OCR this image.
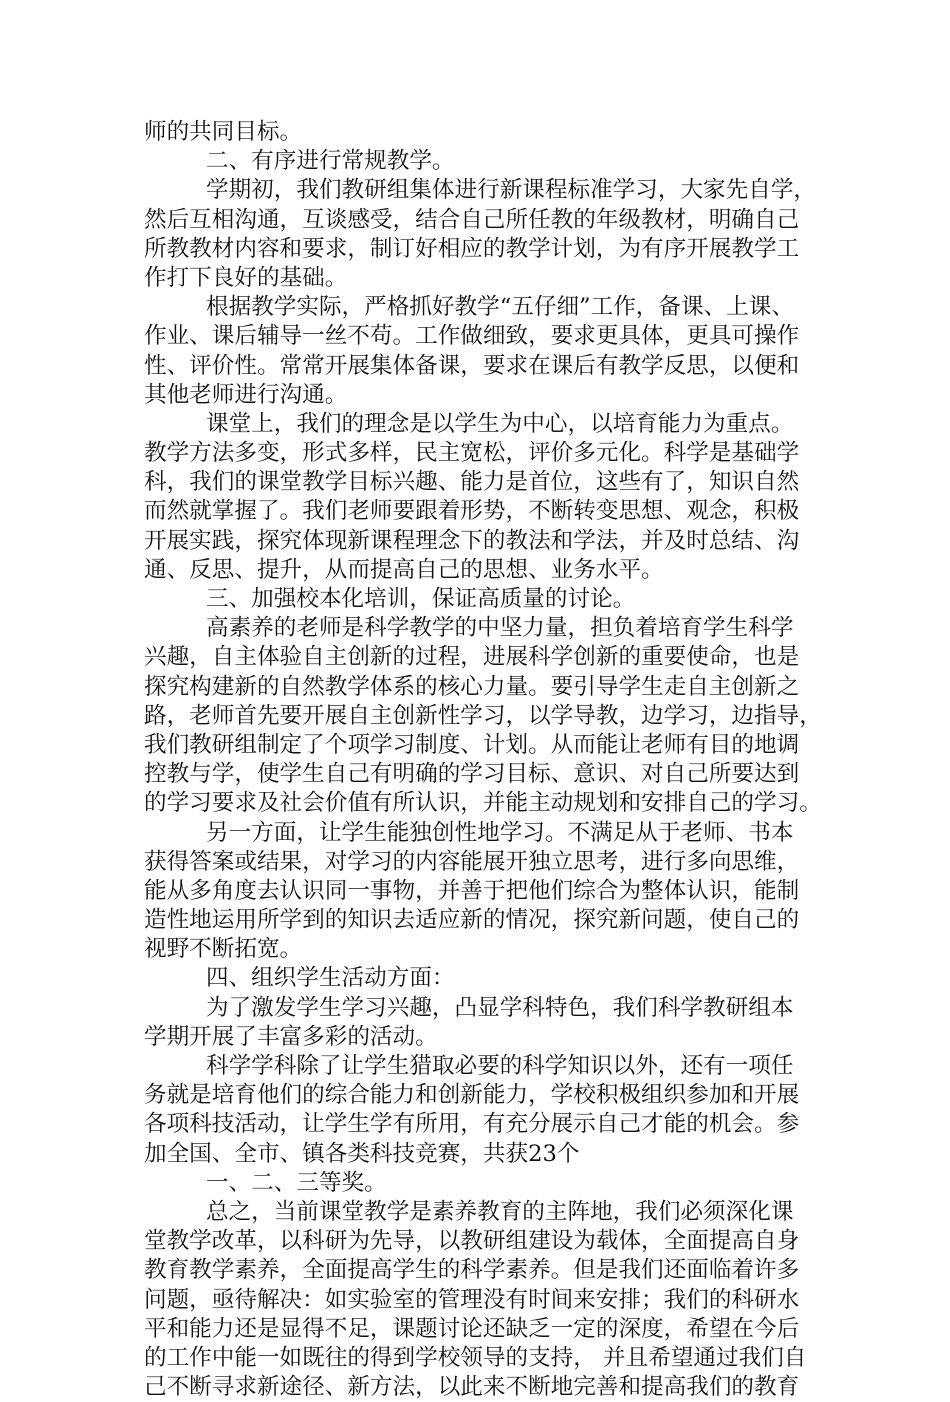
师的共同目标。
二、有序进行常规教学。
学期初，我们教研组集体进行新课程标准学习，大家先自学，
然后互相沟通，互谈感受，结合自己所任教的年级教材，明确自己
所教教材内容和要求，制订好相应的教学计划，为有序开展教学工
作打下良好的基础。
根据教学实际，严格抓好教学“五仔细”工作，备课、上课、
作业、课后辅导一丝不苟。工作做细致，要求更具体，更具可操作
性、评价性。常常开展集体备课，要求在课后有教学反思，以便和
其他老师进行沟通。
课堂上，我们的理念是以学生为中心，以培育能力为重点。
教学方法多变，形式多样，民主宽松，评价多元化。科学是基础学
科，我们的课堂教学目标兴趣、能力是首位，这些有了，知识自然
而然就掌握了。我们老师要跟着形势，不断转变思想、观念，积极
开展实践，探究体现新课程理念下的教法和学法，并及时总结、沟
通、反思、提升，从而提高自己的思想、业务水平。
三、加强校本化培训，保证高质量的讨论。
高素养的老师是科学教学的中坚力量，担负着培育学生科学
兴趣，自主体验自主创新的过程，进展科学创新的重要使命，也是
探究构建新的自然教学体系的核心力量。要引导学生走自主创新之
路，老师首先要开展自主创新性学习，以学导教，边学习，边指导，
我们教研组制定了个项学习制度、计划。从而能让老师有目的地调
控教与学，使学生自己有明确的学习目标、意识、对自己所要达到
的学习要求及社会价值有所认识，并能主动规划和安排自己的学习。
另一方面，让学生能独创性地学习。不满足从于老师、书本
获得答案或结果，对学习的内容能展开独立思考，进行多向思维，
能从多角度去认识同一事物，并善于把他们综合为整体认识，能制
造性地运用所学到的知识去适应新的情况，探究新问题，使自己的
视野不断拓宽。
四、组织学生活动方面：
为了激发学生学习兴趣，凸显学科特色，我们科学教研组本
学期开展了丰富多彩的活动。
科学学科除了让学生猎取必要的科学知识以外，还有一项任
务就是培育他们的综合能力和创新能力，学校积极组织参加和开展
各项科技活动，让学生学有所用，有充分展示自己才能的机会。参
加全国、全市、镇各类科技竞赛，共获23个
一、二、三等奖。
总之，当前课堂教学是素养教育的主阵地，我们必须深化课
堂教学改革，以科研为先导，以教研组建设为载体，全面提高自身
教育教学素养，全面提高学生的科学素养。但是我们还面临着许多
问题，亟待解决：如实验室的管理没有时间来安排；我们的科研水
平和能力还是显得不足，课题讨论还缺乏一定的深度，希望在今后
的工作中能一如既往的得到学校领导的支持， 并且希望通过我们自
己不断寻求新途径、新方法，以此来不断地完善和提高我们的教育
